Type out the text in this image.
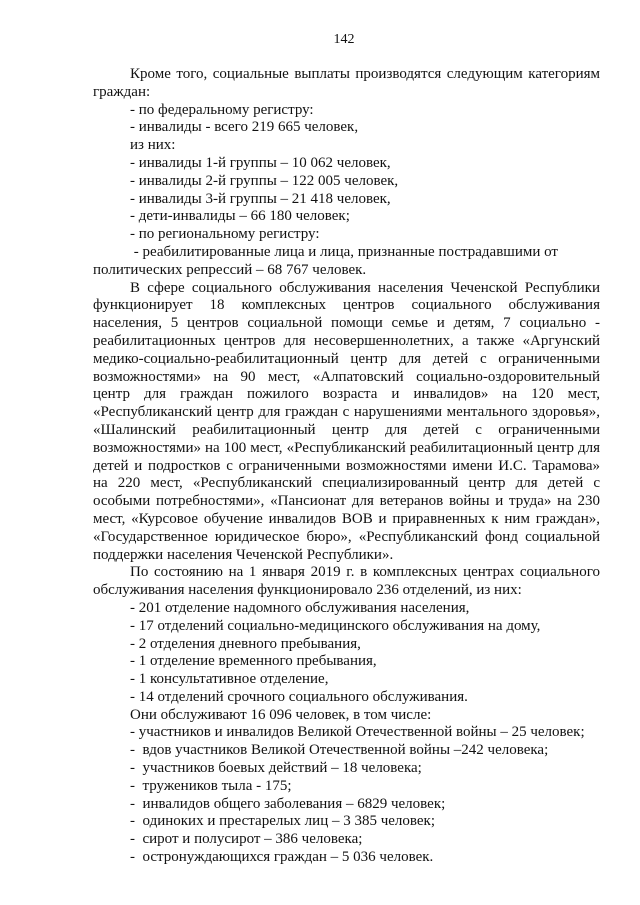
142
Кроме того, социальные выплаты производятся следующим категориям
граждан:
- по федеральному регистру:
- инвалиды - всего 219 665 человек,
из них:
- инвалиды 1-й группы – 10 062 человек,
- инвалиды 2-й группы – 122 005 человек,
- инвалиды 3-й группы – 21 418 человек,
- дети-инвалиды – 66 180 человек;
- по региональному регистру:
- реабилитированные лица и лица, признанные пострадавшими от
политических репрессий – 68 767 человек.
В сфере социального обслуживания населения Чеченской Республики
функционирует 18 комплексных центров социального обслуживания
населения, 5 центров социальной помощи семье и детям, 7 социально -
реабилитационных центров для несовершеннолетних, а также «Аргунский
медико-социально-реабилитационный центр для детей с ограниченными
возможностями» на 90 мест, «Алпатовский социально-оздоровительный
центр для граждан пожилого возраста и инвалидов» на 120 мест,
«Республиканский центр для граждан с нарушениями ментального здоровья»,
«Шалинский реабилитационный центр для детей с ограниченными
возможностями» на 100 мест, «Республиканский реабилитационный центр для
детей и подростков с ограниченными возможностями имени И.С. Тарамова»
на 220 мест, «Республиканский специализированный центр для детей с
особыми потребностями», «Пансионат для ветеранов войны и труда» на 230
мест, «Курсовое обучение инвалидов ВОВ и приравненных к ним граждан»,
«Государственное юридическое бюро», «Республиканский фонд социальной
поддержки населения Чеченской Республики».
По состоянию на 1 января 2019 г. в комплексных центрах социального
обслуживания населения функционировало 236 отделений, из них:
- 201 отделение надомного обслуживания населения,
- 17 отделений социально-медицинского обслуживания на дому,
- 2 отделения дневного пребывания,
- 1 отделение временного пребывания,
- 1 консультативное отделение,
- 14 отделений срочного социального обслуживания.
Они обслуживают 16 096 человек, в том числе:
- участников и инвалидов Великой Отечественной войны – 25 человек;
-  вдов участников Великой Отечественной войны –242 человека;
-  участников боевых действий – 18 человека;
-  тружеников тыла - 175;
-  инвалидов общего заболевания – 6829 человек;
-  одиноких и престарелых лиц – 3 385 человек;
-  сирот и полусирот – 386 человека;
-  остронуждающихся граждан – 5 036 человек.
